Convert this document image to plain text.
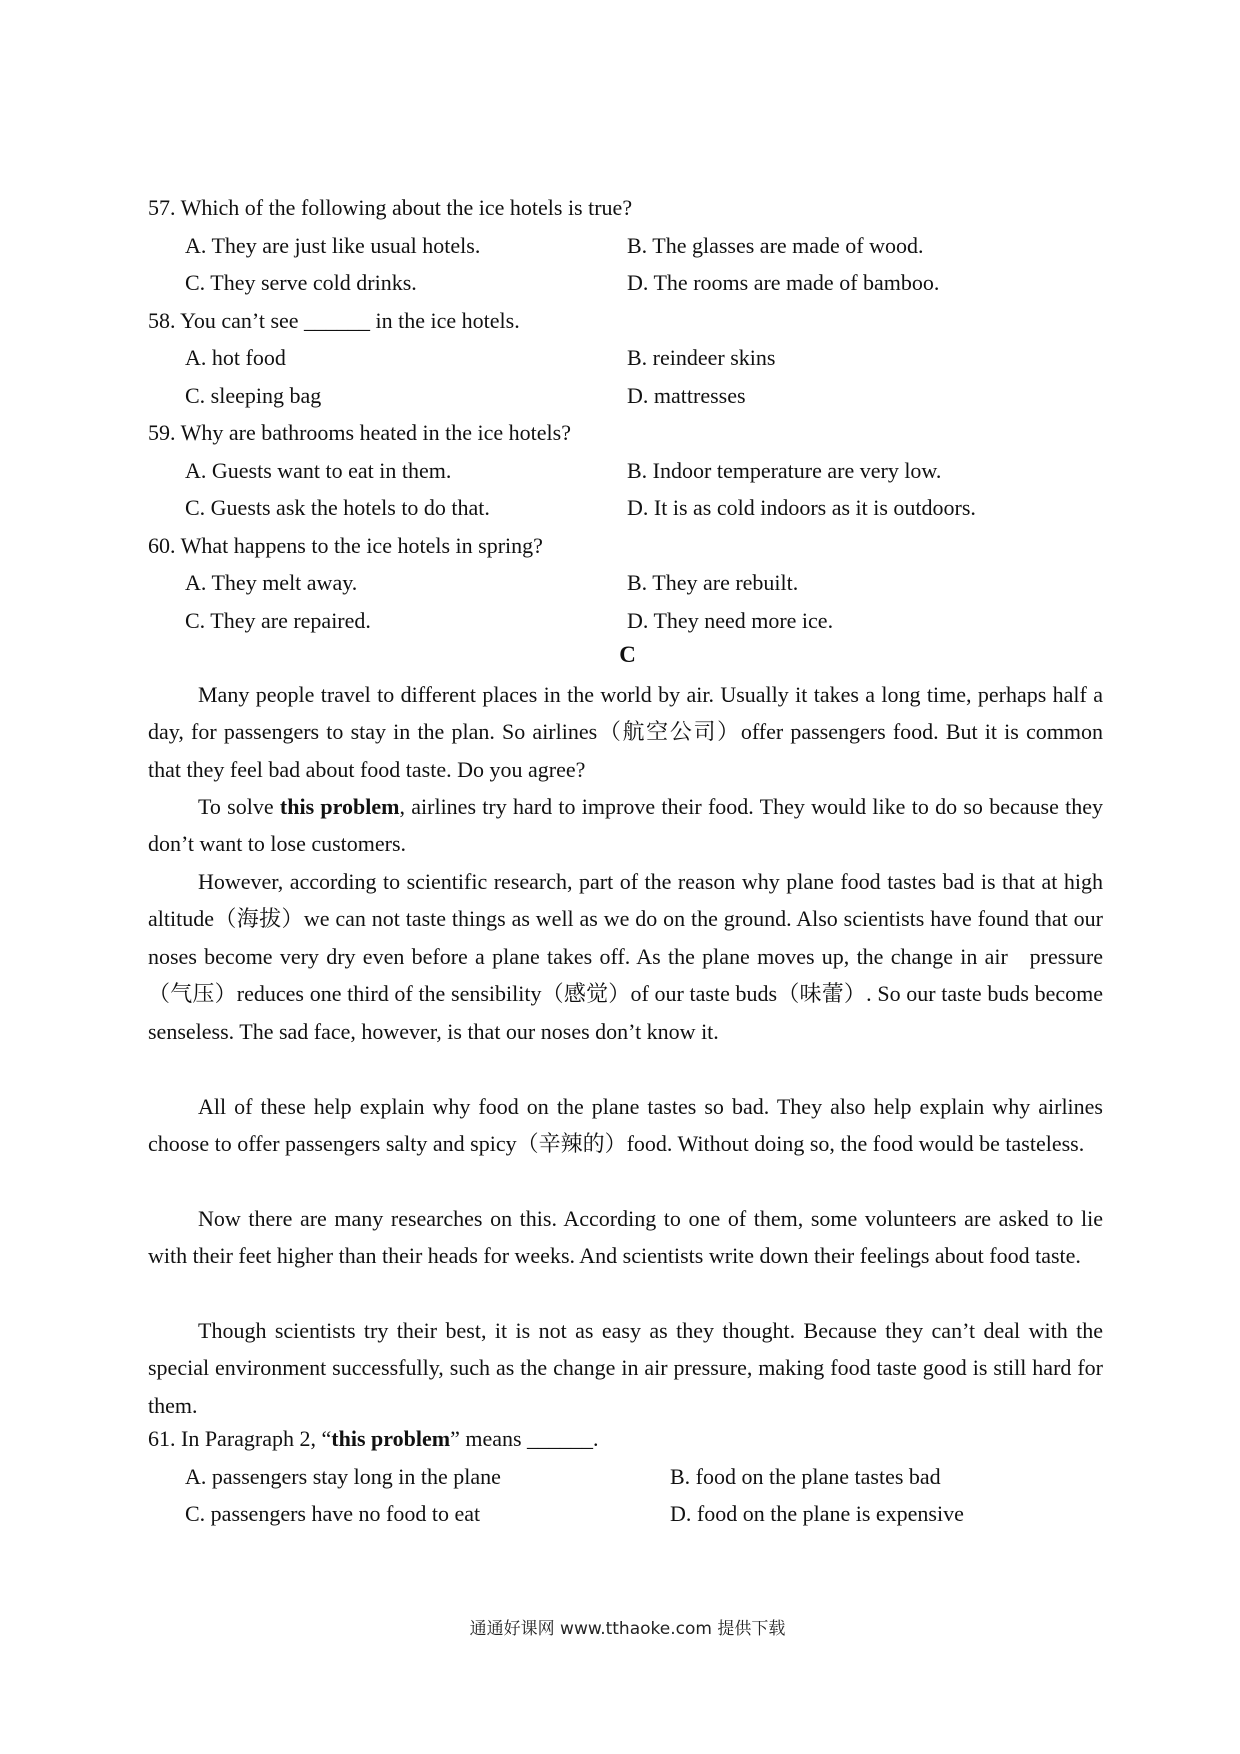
57. Which of the following about the ice hotels is true?
A. They are just like usual hotels.	B. The glasses are made of wood.
C. They serve cold drinks.	D. The rooms are made of bamboo.
58. You can’t see ______ in the ice hotels.
A. hot food	B. reindeer skins
C. sleeping bag	D. mattresses
59. Why are bathrooms heated in the ice hotels?
A. Guests want to eat in them.	B. Indoor temperature are very low.
C. Guests ask the hotels to do that.	D. It is as cold indoors as it is outdoors.
60. What happens to the ice hotels in spring?
A. They melt away.	B. They are rebuilt.
C. They are repaired.	D. They need more ice.
C

Many people travel to different places in the world by air. Usually it takes a long time, perhaps half a day, for passengers to stay in the plan. So airlines（航空公司）offer passengers food. But it is common that they feel bad about food taste. Do you agree?

To solve this problem, airlines try hard to improve their food. They would like to do so because they don’t want to lose customers.

However, according to scientific research, part of the reason why plane food tastes bad is that at high altitude（海拔）we can not taste things as well as we do on the ground. Also scientists have found that our noses become very dry even before a plane takes off. As the plane moves up, the change in air   pressure（气压）reduces one third of the sensibility（感觉）of our taste buds（味蕾）. So our taste buds become senseless. The sad face, however, is that our noses don’t know it.

All of these help explain why food on the plane tastes so bad. They also help explain why airlines choose to offer passengers salty and spicy（辛辣的）food. Without doing so, the food would be tasteless.

Now there are many researches on this. According to one of them, some volunteers are asked to lie with their feet higher than their heads for weeks. And scientists write down their feelings about food taste.

Though scientists try their best, it is not as easy as they thought. Because they can’t deal with the special environment successfully, such as the change in air pressure, making food taste good is still hard for them.

61. In Paragraph 2, “this problem” means ______.
A. passengers stay long in the plane	B. food on the plane tastes bad
C. passengers have no food to eat	D. food on the plane is expensive
通通好课网 www.tthaoke.com 提供下载
